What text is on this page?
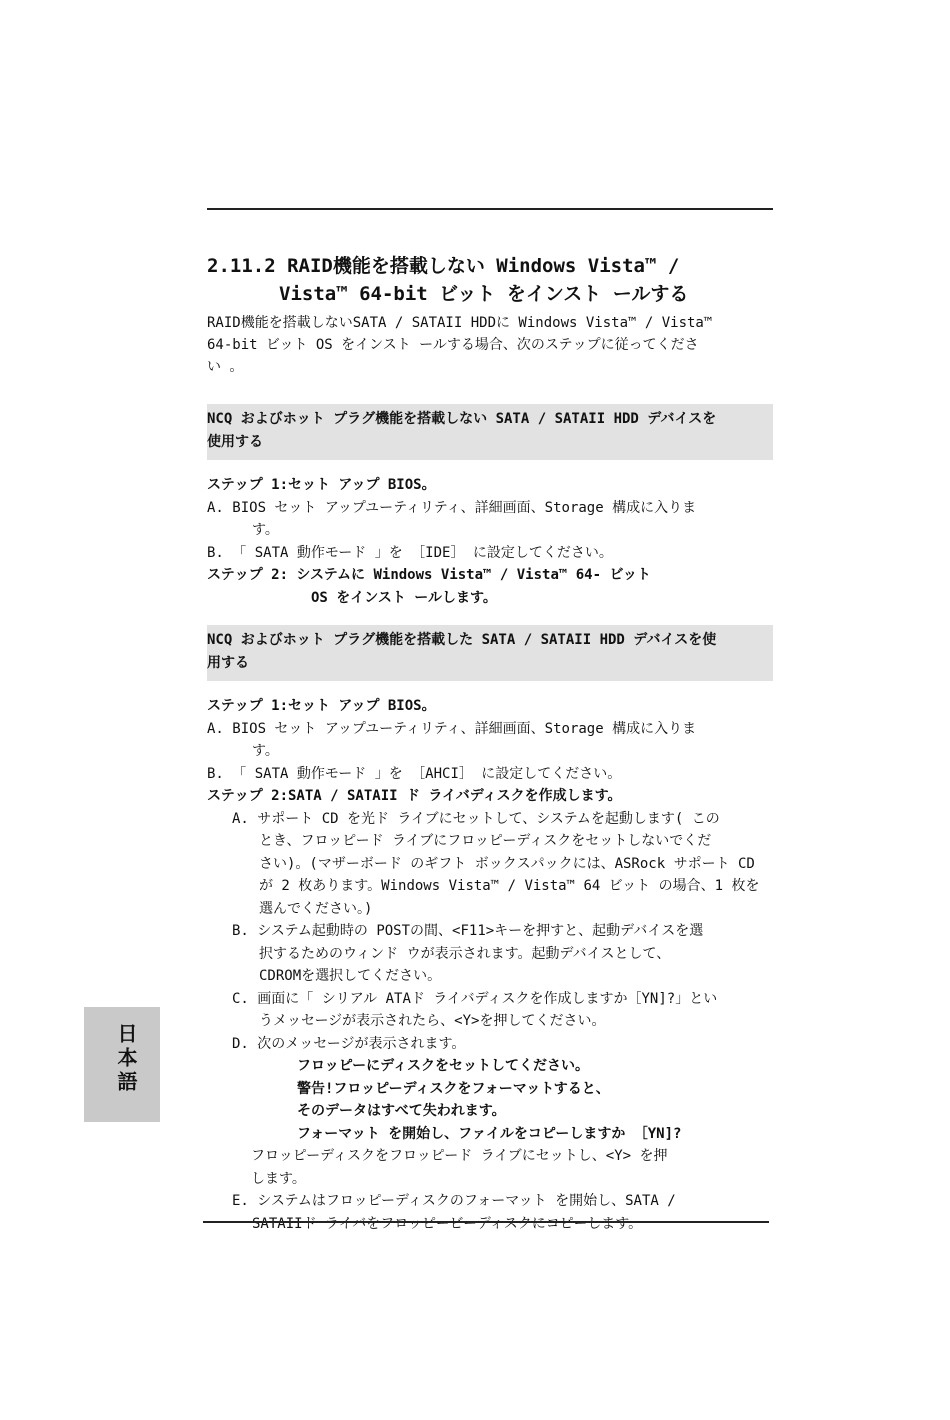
2.11.2 RAID機能を搭載しない Windows Vista™ /
Vista™ 64-bit ビット をインスト ールする
RAID機能を搭載しないSATA / SATAII HDDに Windows Vista™ / Vista™
64-bit ビット OS をインスト ールする場合、次のステップに従ってくださ
い 。
NCQ およびホット プラグ機能を搭載しない SATA / SATAII HDD デバイスを
使用する

ステップ 1:セット アップ BIOS。

A. BIOS セット アップユーティリティ、詳細画面、Storage 構成に入りま
す。

B. 「 SATA 動作モード 」を ［IDE］ に設定してください。

ステップ 2: システムに Windows Vista™ / Vista™ 64- ビット

OS をインスト ールします。

NCQ およびホット プラグ機能を搭載した SATA / SATAII HDD デバイスを使
用する

ステップ 1:セット アップ BIOS。

A. BIOS セット アップユーティリティ、詳細画面、Storage 構成に入りま
す。

B. 「 SATA 動作モード 」を ［AHCI］ に設定してください。

ステップ 2:SATA / SATAII ド ライバディスクを作成します。

A. サポート CD を光ド ライブにセットして、システムを起動します( この
とき、フロッピード ライブにフロッピーディスクをセットしないでくだ
さい)。(マザーボード のギフト ボックスパックには、ASRock サポート CD
が 2 枚あります。Windows Vista™ / Vista™ 64 ビット の場合、1 枚を
選んでください。)
B. システム起動時の POSTの間、<F11>キーを押すと、起動デバイスを選
択するためのウィンド ウが表示されます。起動デバイスとして、
CDROMを選択してください。
C. 画面に「 シリアル ATAド ライバディスクを作成しますか［YN]?」とい
うメッセージが表示されたら、<Y>を押してください。
D. 次のメッセージが表示されます。
フロッピーにディスクをセットしてください。
警告!フロッピーディスクをフォーマットすると、
そのデータはすべて失われます。
フォーマット を開始し、ファイルをコピーしますか ［YN]?
フロッピーディスクをフロッピード ライブにセットし、<Y> を押
します。
E. システムはフロッピーディスクのフォーマット を開始し、SATA /
SATAIIド ライバをフロッピービーディスクにコピーします。
日本語
